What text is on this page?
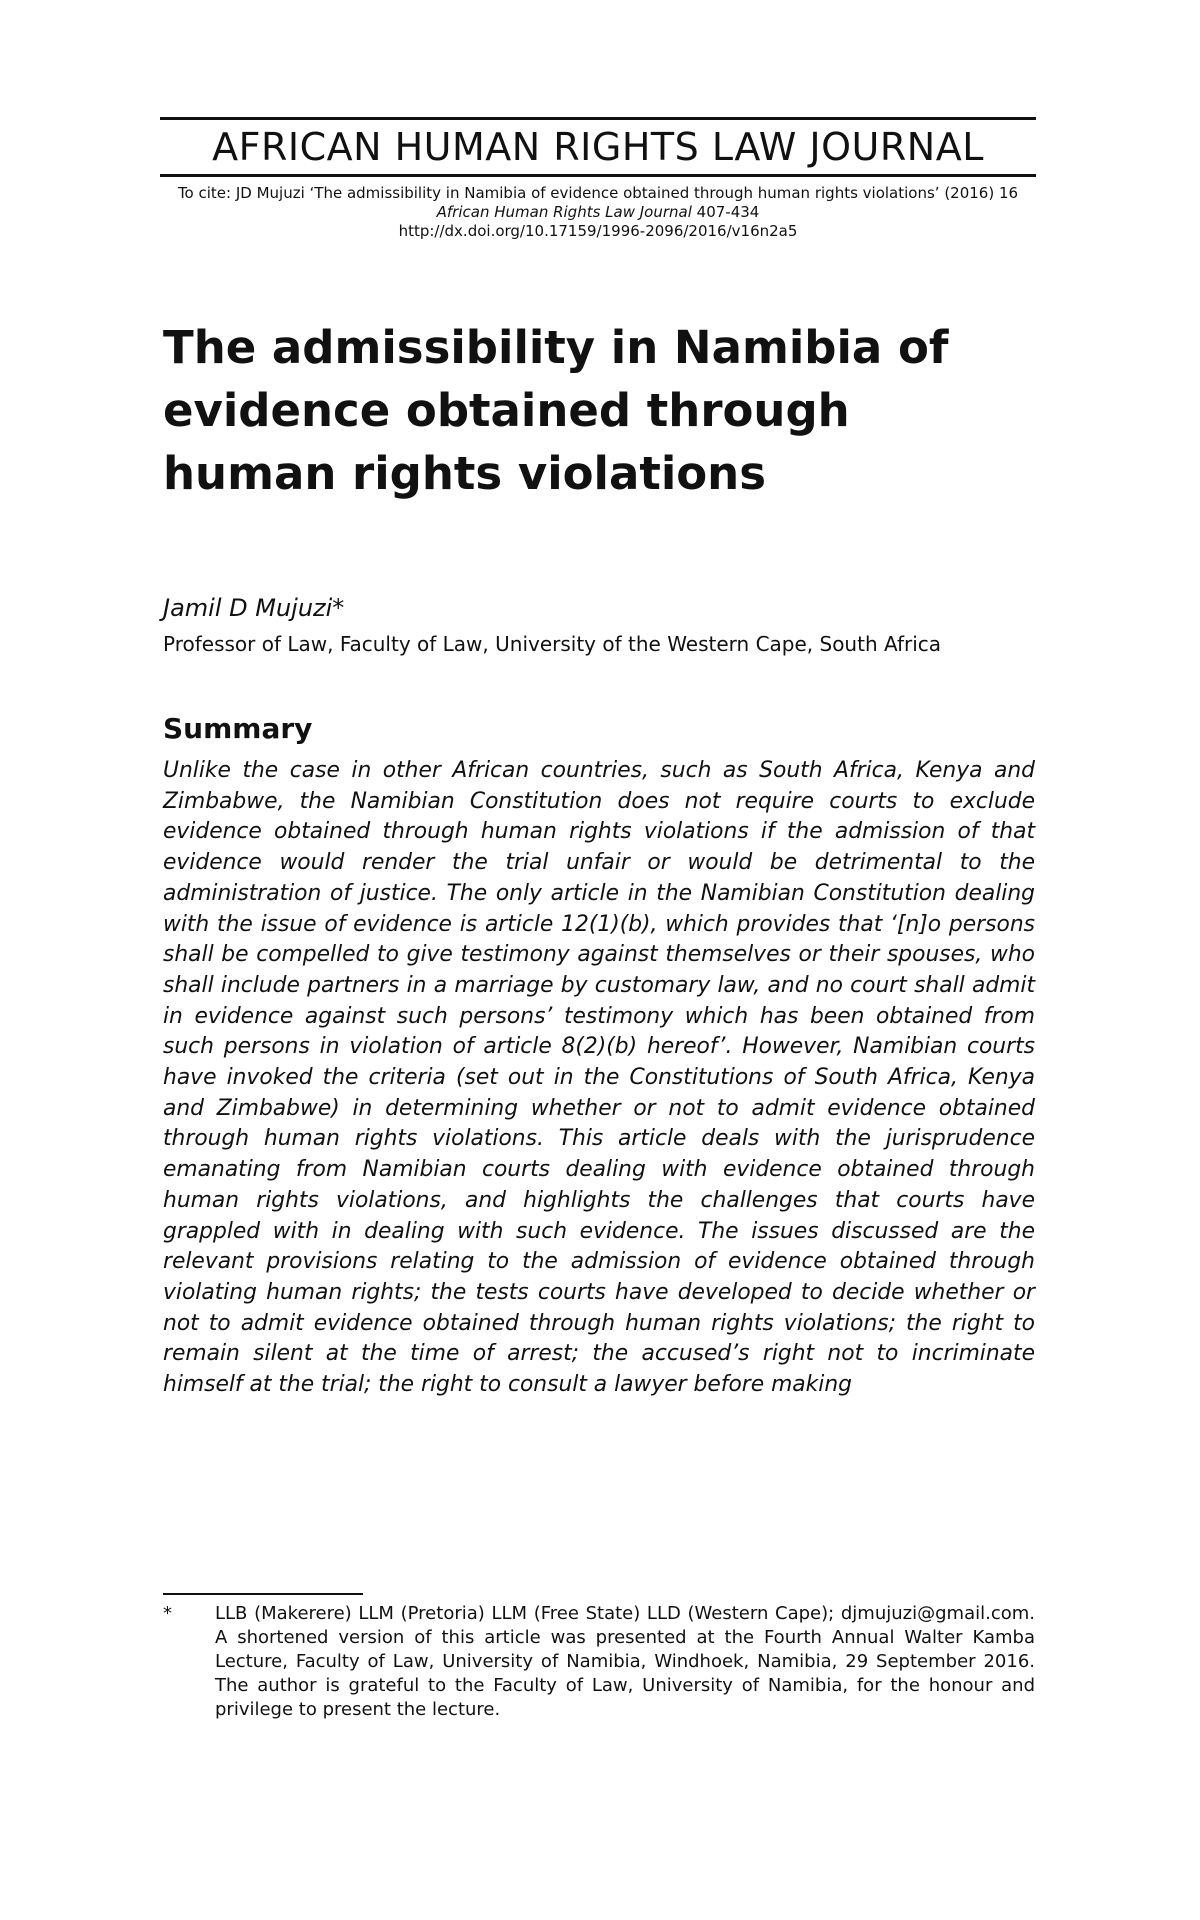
AFRICAN HUMAN RIGHTS LAW JOURNAL
To cite: JD Mujuzi ‘The admissibility in Namibia of evidence obtained through human rights violations’ (2016) 16
African Human Rights Law Journal 407-434
http://dx.doi.org/10.17159/1996-2096/2016/v16n2a5
The admissibility in Namibia of evidence obtained through human rights violations
Jamil D Mujuzi*
Professor of Law, Faculty of Law, University of the Western Cape, South Africa
Summary

Unlike the case in other African countries, such as South Africa, Kenya and Zimbabwe, the Namibian Constitution does not require courts to exclude evidence obtained through human rights violations if the admission of that evidence would render the trial unfair or would be detrimental to the administration of justice. The only article in the Namibian Constitution dealing with the issue of evidence is article 12(1)(b), which provides that ‘[n]o persons shall be compelled to give testimony against themselves or their spouses, who shall include partners in a marriage by customary law, and no court shall admit in evidence against such persons’ testimony which has been obtained from such persons in violation of article 8(2)(b) hereof’. However, Namibian courts have invoked the criteria (set out in the Constitutions of South Africa, Kenya and Zimbabwe) in determining whether or not to admit evidence obtained through human rights violations. This article deals with the jurisprudence emanating from Namibian courts dealing with evidence obtained through human rights violations, and highlights the challenges that courts have grappled with in dealing with such evidence. The issues discussed are the relevant provisions relating to the admission of evidence obtained through violating human rights; the tests courts have developed to decide whether or not to admit evidence obtained through human rights violations; the right to remain silent at the time of arrest; the accused’s right not to incriminate himself at the trial; the right to consult a lawyer before making

* LLB (Makerere) LLM (Pretoria) LLM (Free State) LLD (Western Cape); djmujuzi@gmail.com. A shortened version of this article was presented at the Fourth Annual Walter Kamba Lecture, Faculty of Law, University of Namibia, Windhoek, Namibia, 29 September 2016. The author is grateful to the Faculty of Law, University of Namibia, for the honour and privilege to present the lecture.
